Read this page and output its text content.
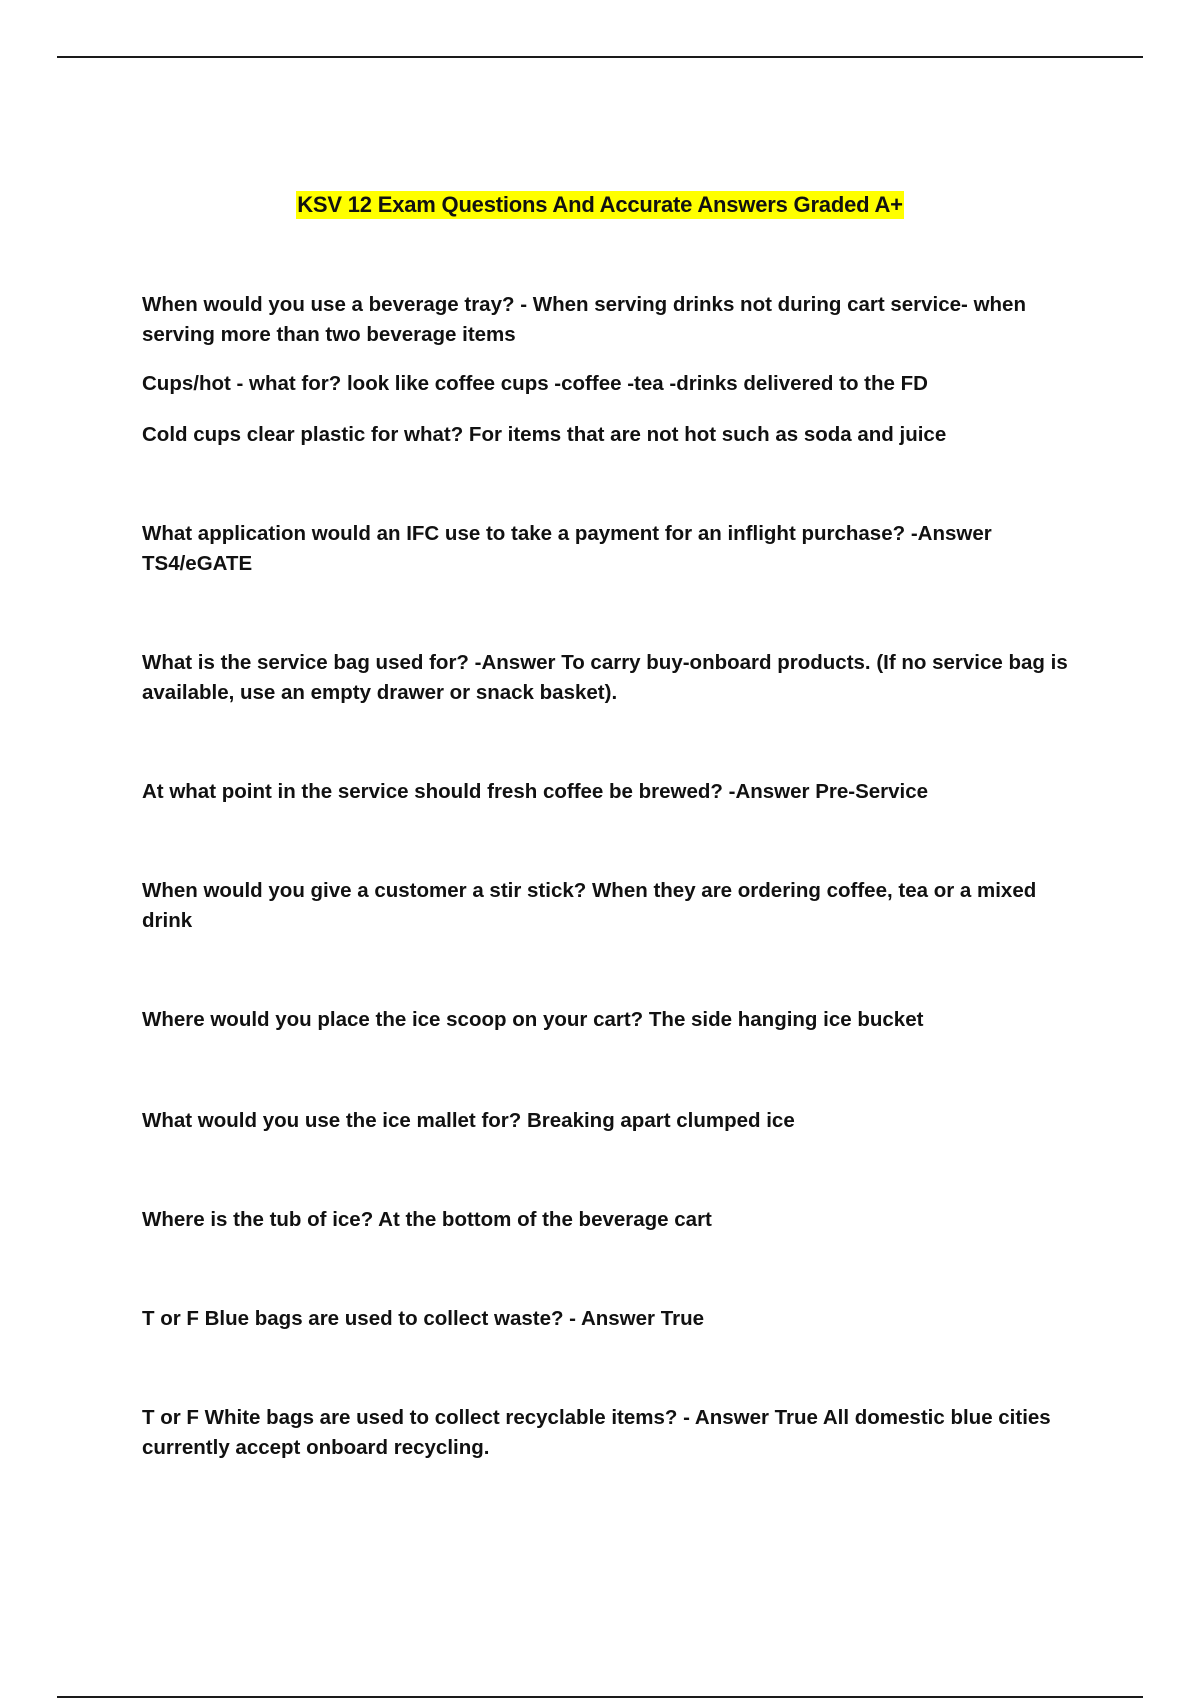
KSV 12 Exam Questions And Accurate Answers Graded A+

When would you use a beverage tray? - When serving drinks not during cart service- when serving more than two beverage items

Cups/hot - what for? look like coffee cups -coffee -tea -drinks delivered to the FD

Cold cups clear plastic for what? For items that are not hot such as soda and juice

What application would an IFC use to take a payment for an inflight purchase? -Answer TS4/eGATE

What is the service bag used for? -Answer To carry buy-onboard products. (If no service bag is available, use an empty drawer or snack basket).

At what point in the service should fresh coffee be brewed? -Answer Pre-Service

When would you give a customer a stir stick? When they are ordering coffee, tea or a mixed drink

Where would you place the ice scoop on your cart? The side hanging ice bucket

What would you use the ice mallet for? Breaking apart clumped ice

Where is the tub of ice? At the bottom of the beverage cart

T or F Blue bags are used to collect waste? - Answer True

T or F White bags are used to collect recyclable items? - Answer True All domestic blue cities currently accept onboard recycling.
